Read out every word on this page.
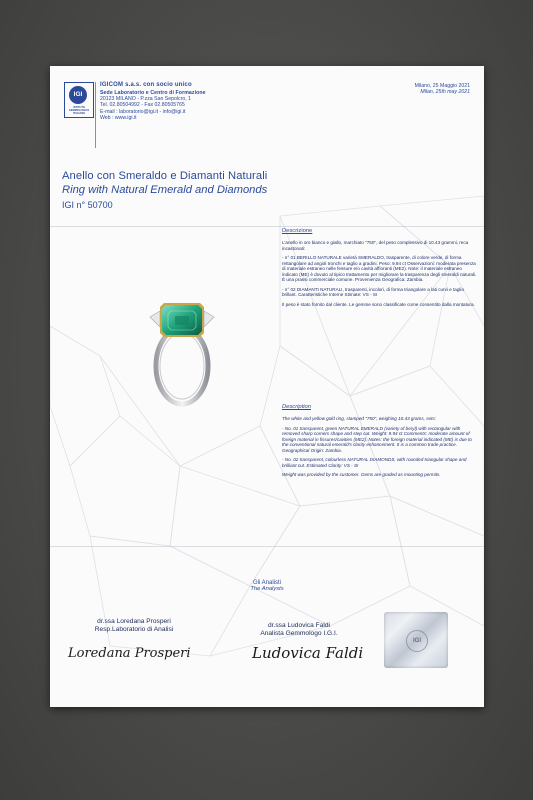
IGI
ISTITUTO
GEMMOLOGICO
ITALIANO
IGICOM s.a.s. con socio unico
Sede Laboratorio e Centro di Formazione
20123 MILANO - P.zza San Sepolcro, 1
Tel. 02.80504992 - Fax 02.80505765
E-mail : laboratorio@igi.it - info@igi.it
Web : www.igi.it
Milano, 25 Maggio 2021
Milan, 25th may 2021
Anello con Smeraldo e Diamanti Naturali
Ring with Natural Emerald and Diamonds
IGI n° 50700
Descrizione

L'anello in oro bianco e giallo, marchiato "750", del peso complessivo di 10.43 grammi, reca incastonati:

- n° 01 BERILLO NATURALE varietà SMERALDO, trasparente, di colore verde, di forma rettangolare ad angoli tronchi e taglio a gradini. Peso: 9.94 ct Osservazioni: moderata presenza di materiale estraneo nelle fessure e/o cavità affioranti (ME2). Note: il materiale estraneo indicato (ME) è dovuto al tipico trattamento per migliorare la trasparenza degli smeraldi naturali. È una prassi commerciale comune. Provenienza Geografica: Zambia.

- n° 02 DIAMANTI NATURALI, trasparenti, incolori, di forma triangolare a lati curvi e taglio brillant. Caratteristiche Interne Stimate: VS - SI

Il peso è stato fornito dal cliente. Le gemme sono classificate come consentito dalla montatura.

Description

The white and yellow gold ring, stamped "750", weighing 10.43 grams, sets:

- No. 01 transparent, green NATURAL EMERALD (variety of beryl) with rectangular with removed sharp corners shape and step cut. Weight: 9.94 ct Comments: moderate amount of foreign material in fissures/cavities (ME2). Notes: the foreign material indicated (ME) is due to the conventional natural emerald's clarity enhancement. It is a common trade practice. Geographical Origin: Zambia.

- No. 02 transparent, colourless NATURAL DIAMONDS, with rounded triangular shape and brilliant cut. Estimated Clarity: VS - SI

Weight was provided by the customer. Gems are graded as mounting permits.

Gli Analisti
The Analysts
dr.ssa Loredana Prosperi
Resp.Laboratorio di Analisi
Loredana Prosperi
dr.ssa Ludovica Faldi
Analista Gemmologo I.G.I.
Ludovica Faldi
IGI
